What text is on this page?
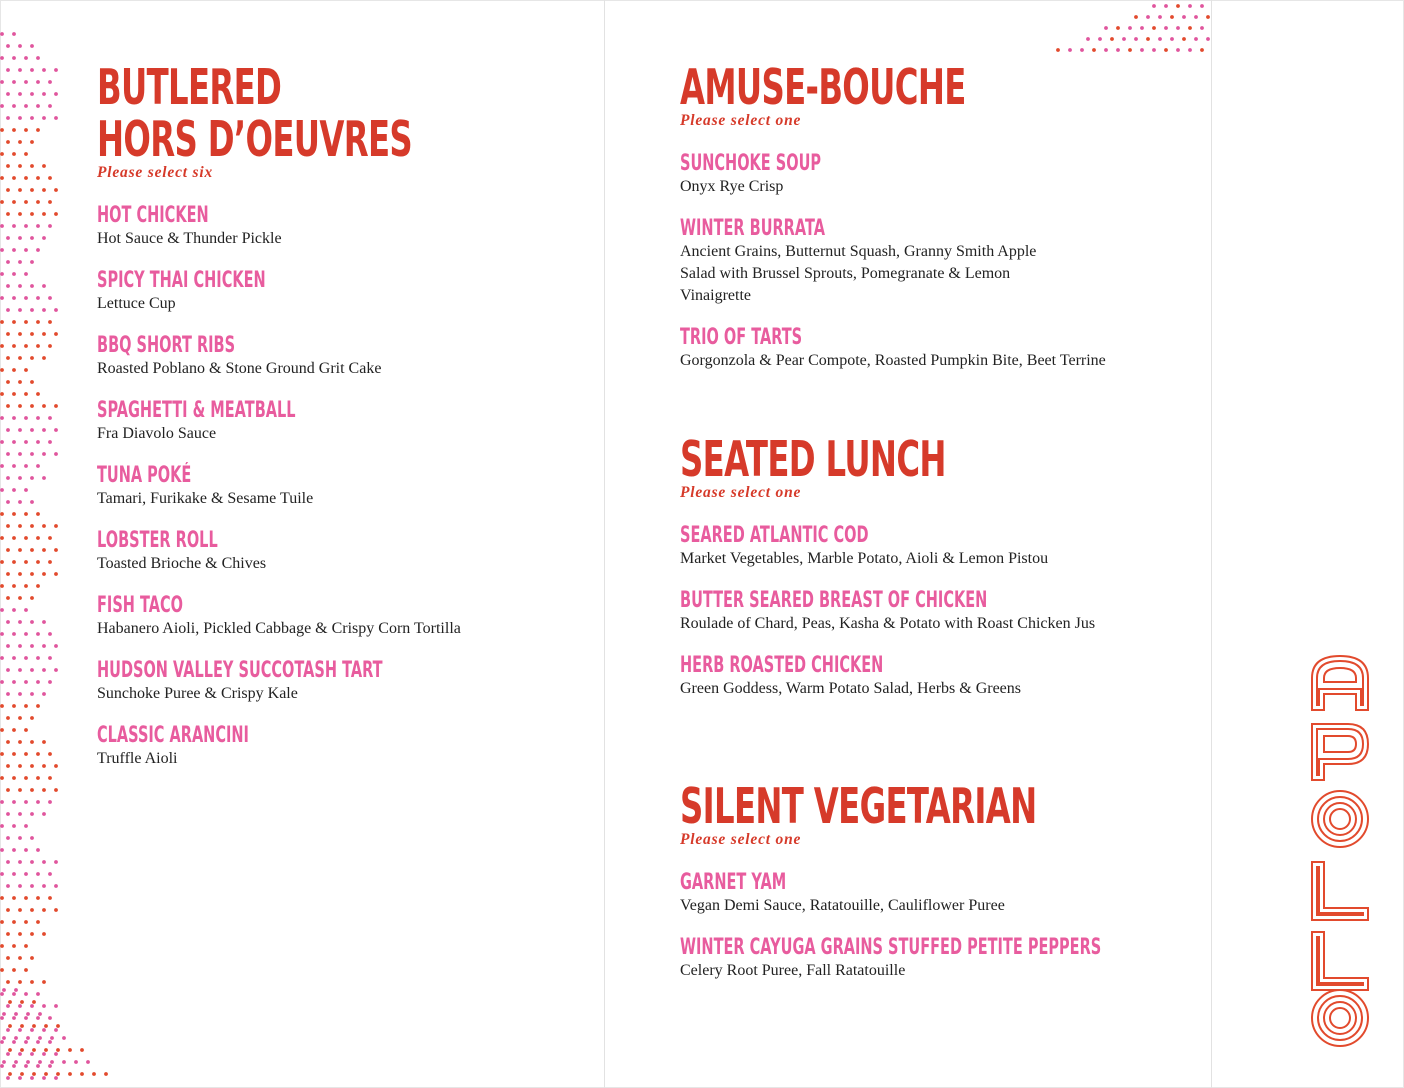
BUTLERED
HORS D’OEUVRES
Please select six
HOT CHICKEN
Hot Sauce & Thunder Pickle
SPICY THAI CHICKEN
Lettuce Cup
BBQ SHORT RIBS
Roasted Poblano & Stone Ground Grit Cake
SPAGHETTI & MEATBALL
Fra Diavolo Sauce
TUNA POKÉ
Tamari, Furikake & Sesame Tuile
LOBSTER ROLL
Toasted Brioche & Chives
FISH TACO
Habanero Aioli, Pickled Cabbage & Crispy Corn Tortilla
HUDSON VALLEY SUCCOTASH TART
Sunchoke Puree & Crispy Kale
CLASSIC ARANCINI
Truffle Aioli
AMUSE-BOUCHE
Please select one
SUNCHOKE SOUP
Onyx Rye Crisp
WINTER BURRATA
Ancient Grains, Butternut Squash, Granny Smith Apple Salad with Brussel Sprouts, Pomegranate & Lemon Vinaigrette
TRIO OF TARTS
Gorgonzola & Pear Compote, Roasted Pumpkin Bite, Beet Terrine
SEATED LUNCH
Please select one
SEARED ATLANTIC COD
Market Vegetables, Marble Potato, Aioli & Lemon Pistou
BUTTER SEARED BREAST OF CHICKEN
Roulade of Chard, Peas, Kasha & Potato with Roast Chicken Jus
HERB ROASTED CHICKEN
Green Goddess, Warm Potato Salad, Herbs & Greens
SILENT VEGETARIAN
Please select one
GARNET YAM
Vegan Demi Sauce, Ratatouille, Cauliflower Puree
WINTER CAYUGA GRAINS STUFFED PETITE PEPPERS
Celery Root Puree, Fall Ratatouille
